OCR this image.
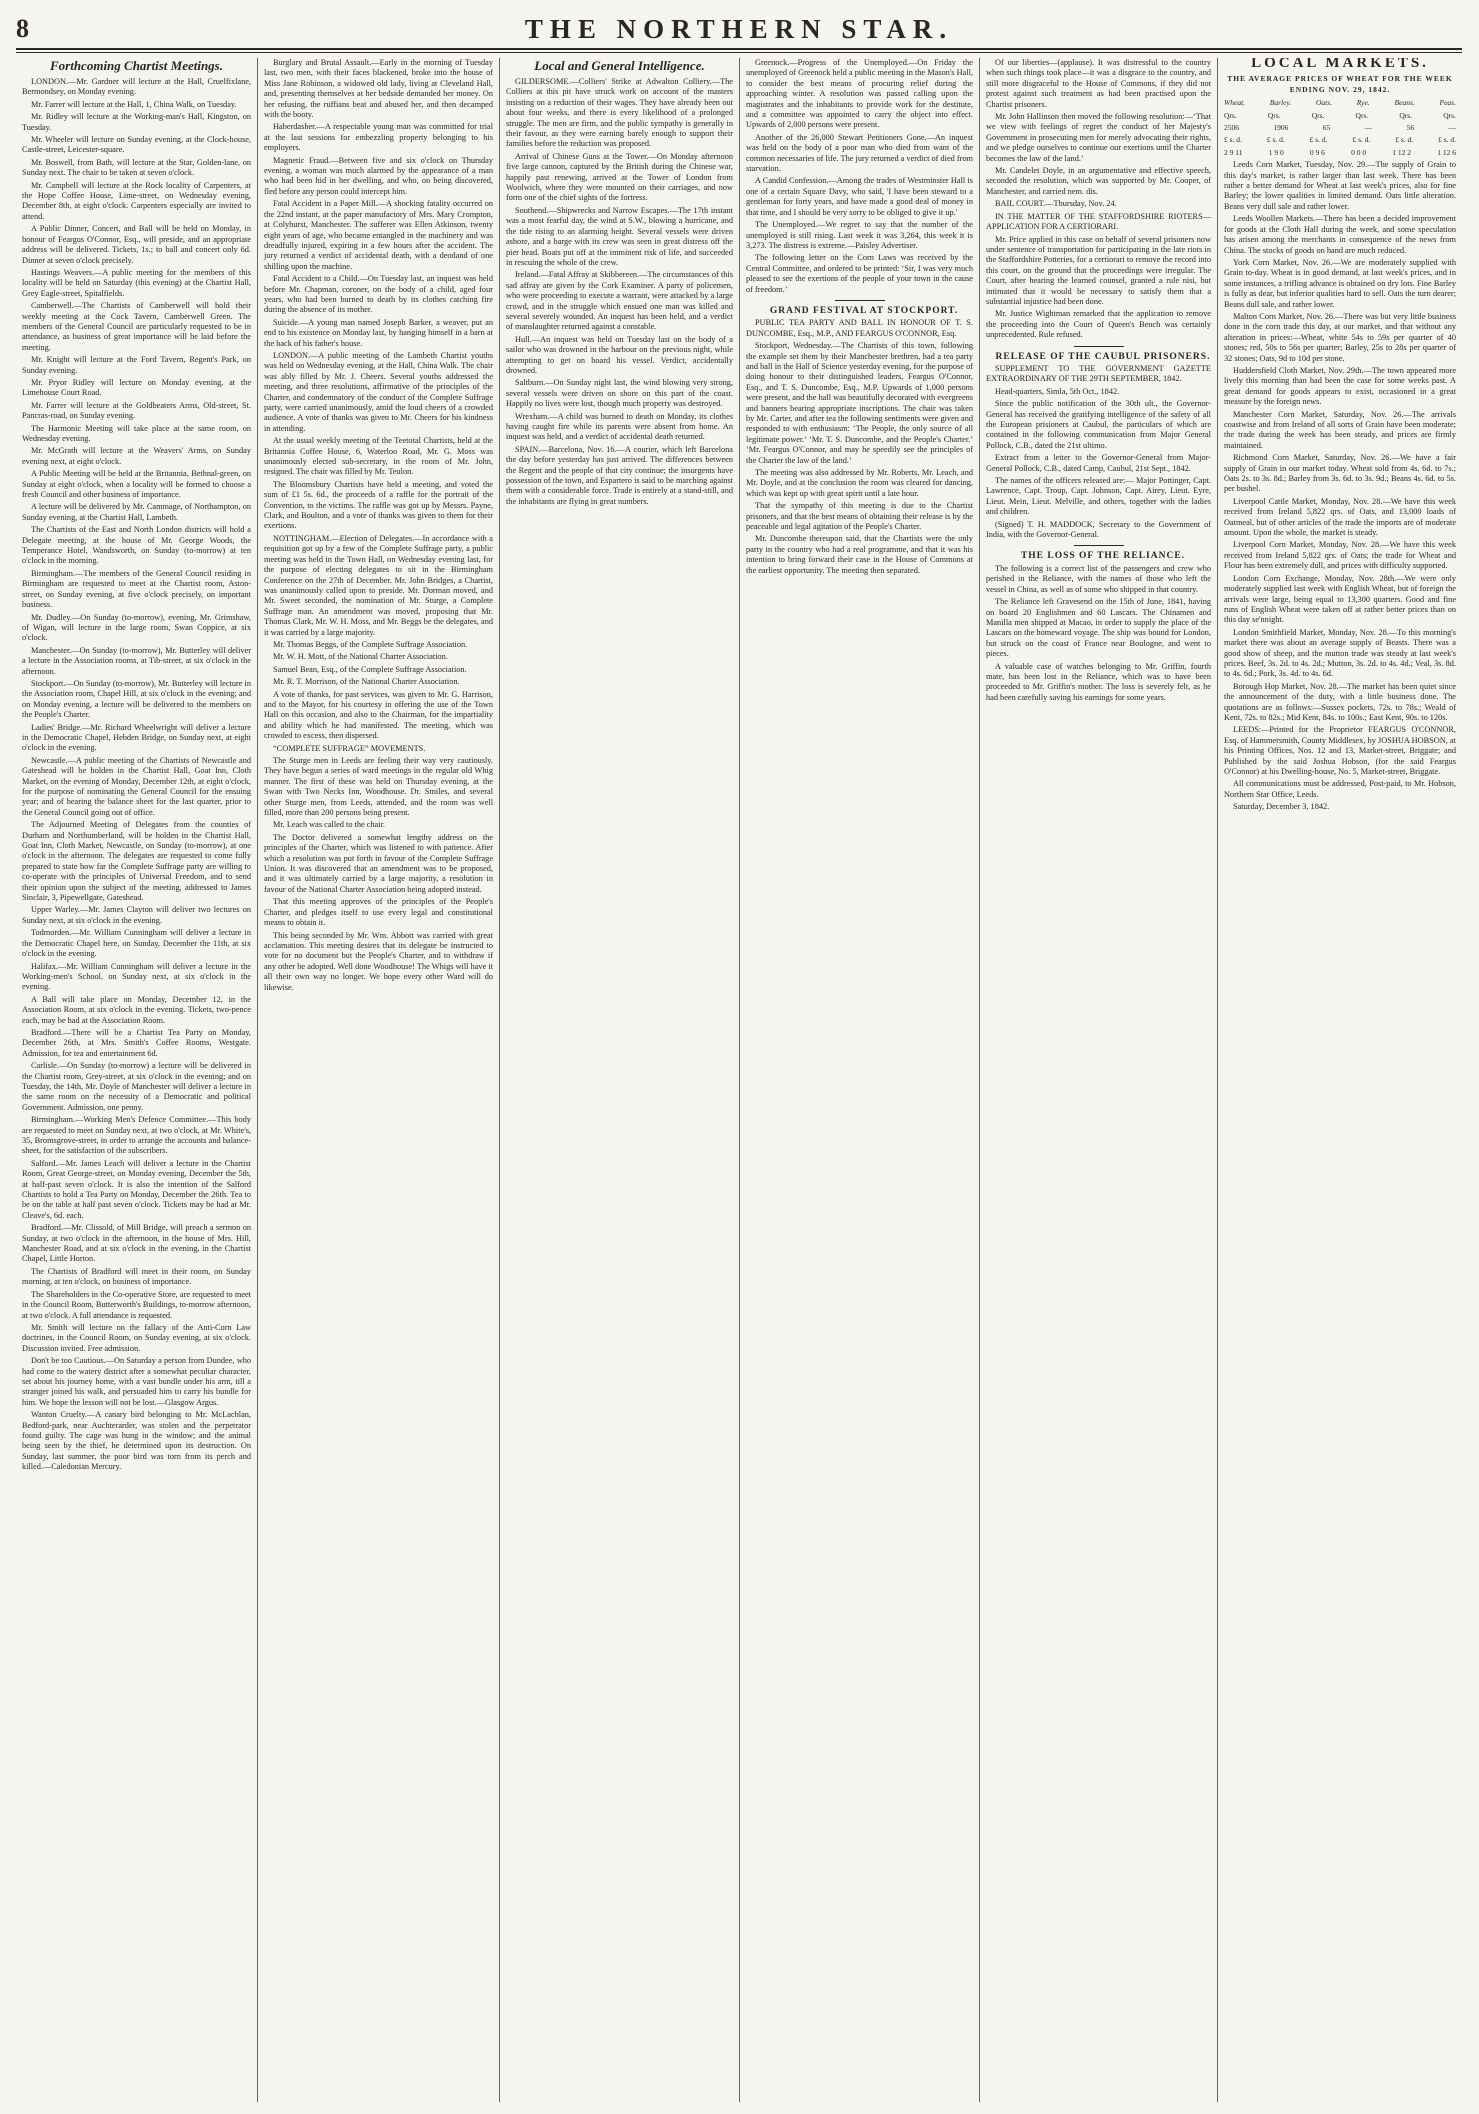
8	THE NORTHERN STAR.
Forthcoming Chartist Meetings.

LONDON.—Mr. Gardner will lecture at the Hall, Cruelfixlane, Bermondsey, on Monday evening.

Mr. Farrer will lecture at the Hall, 1, China Walk, on Tuesday.

Mr. Ridley will lecture at the Working-man's Hall, Kingston, on Tuesday.

Mr. Wheeler will lecture on Sunday evening, at the Clock-house, Castle-street, Leicester-square.

Mr. Boswell, from Bath, will lecture at the Star, Golden-lane, on Sunday next. The chair to be taken at seven o'clock.

Mr. Campbell will lecture at the Rock locality of Carpenters, at the Hope Coffee House, Lime-street, on Wednesday evening, December 8th, at eight o'clock. Carpenters especially are invited to attend.

A Public Dinner, Concert, and Ball will be held on Monday, in honour of Feargus O'Connor, Esq., will preside, and an appropriate address will be delivered. Tickets, 1s.; to ball and concert only 6d. Dinner at seven o'clock precisely.

Hastings Weavers.—A public meeting for the members of this locality will be held on Saturday (this evening) at the Chartist Hall, Grey Eagle-street, Spitalfields.

Camberwell.—The Chartists of Camberwell will hold their weekly meeting at the Cock Tavern, Camberwell Green. The members of the General Council are particularly requested to be in attendance, as business of great importance will be laid before the meeting.

Mr. Knight will lecture at the Ford Tavern, Regent's Park, on Sunday evening.

Mr. Pryor Ridley will lecture on Monday evening, at the Limehouse Court Road.

Mr. Farrer will lecture at the Goldbeaters Arms, Old-street, St. Pancras-road, on Sunday evening.

The Harmonic Meeting will take place at the same room, on Wednesday evening.

Mr. McGrath will lecture at the Weavers' Arms, on Sunday evening next, at eight o'clock.

A Public Meeting will be held at the Britannia, Bethnal-green, on Sunday at eight o'clock, when a locality will be formed to choose a fresh Council and other business of importance.

A lecture will be delivered by Mr. Cammage, of Northampton, on Sunday evening, at the Chartist Hall, Lambeth.

The Chartists of the East and North London districts will hold a Delegate meeting, at the house of Mr. George Woods, the Temperance Hotel, Wandsworth, on Sunday (to-morrow) at ten o'clock in the morning.

Birmingham.—The members of the General Council residing in Birmingham are requested to meet at the Chartist room, Aston-street, on Sunday evening, at five o'clock precisely, on important business.

Mr. Dudley.—On Sunday (to-morrow), evening, Mr. Grimshaw, of Wigan, will lecture in the large room, Swan Coppice, at six o'clock.

Manchester.—On Sunday (to-morrow), Mr. Butterley will deliver a lecture in the Association rooms, at Tib-street, at six o'clock in the afternoon.

Stockport.—On Sunday (to-morrow), Mr. Butterley will lecture in the Association room, Chapel Hill, at six o'clock in the evening; and on Monday evening, a lecture will be delivered to the members on the People's Charter.

Ladies' Bridge.—Mr. Richard Wheelwright will deliver a lecture in the Democratic Chapel, Hebden Bridge, on Sunday next, at eight o'clock in the evening.

Newcastle.—A public meeting of the Chartists of Newcastle and Gateshead will be holden in the Chartist Hall, Goat Inn, Cloth Market, on the evening of Monday, December 12th, at eight o'clock, for the purpose of nominating the General Council for the ensuing year; and of hearing the balance sheet for the last quarter, prior to the General Council going out of office.

The Adjourned Meeting of Delegates from the counties of Durham and Northumberland, will be holden in the Chartist Hall, Goat Inn, Cloth Market, Newcastle, on Sunday (to-morrow), at one o'clock in the afternoon. The delegates are requested to come fully prepared to state how far the Complete Suffrage party are willing to co-operate with the principles of Universal Freedom, and to send their opinion upon the subject of the meeting, addressed to James Sinclair, 3, Pipewellgate, Gateshead.

Upper Warley.—Mr. James Clayton will deliver two lectures on Sunday next, at six o'clock in the evening.

Todmorden.—Mr. William Cunningham will deliver a lecture in the Democratic Chapel here, on Sunday, December the 11th, at six o'clock in the evening.

Halifax.—Mr. William Cunningham will deliver a lecture in the Working-men's School, on Sunday next, at six o'clock in the evening.

A Ball will take place on Monday, December 12, in the Association Room, at six o'clock in the evening. Tickets, two-pence each, may be had at the Association Room.

Bradford.—There will be a Chartist Tea Party on Monday, December 26th, at Mrs. Smith's Coffee Rooms, Westgate. Admission, for tea and entertainment 6d.

Carlisle.—On Sunday (to-morrow) a lecture will be delivered in the Chartist room, Grey-street, at six o'clock in the evening; and on Tuesday, the 14th, Mr. Doyle of Manchester will deliver a lecture in the same room on the necessity of a Democratic and political Government. Admission, one penny.

Birmingham.—Working Men's Defence Committee.—This body are requested to meet on Sunday next, at two o'clock, at Mr. White's, 35, Bromsgrove-street, in order to arrange the accounts and balance-sheet, for the satisfaction of the subscribers.

Salford.—Mr. James Leach will deliver a lecture in the Chartist Room, Great George-street, on Monday evening, December the 5th, at half-past seven o'clock. It is also the intention of the Salford Chartists to hold a Tea Party on Monday, December the 26th. Tea to be on the table at half past seven o'clock. Tickets may be had at Mr. Cleave's, 6d. each.

Bradford.—Mr. Clissold, of Mill Bridge, will preach a sermon on Sunday, at two o'clock in the afternoon, in the house of Mrs. Hill, Manchester Road, and at six o'clock in the evening, in the Chartist Chapel, Little Horton.

The Chartists of Bradford will meet in their room, on Sunday morning, at ten o'clock, on business of importance.

The Shareholders in the Co-operative Store, are requested to meet in the Council Room, Butterworth's Buildings, to-morrow afternoon, at two o'clock. A full attendance is requested.

Mr. Smith will lecture on the fallacy of the Anti-Corn Law doctrines, in the Council Room, on Sunday evening, at six o'clock. Discussion invited. Free admission.

Don't be too Cautious.—On Saturday a person from Dundee, who had come to the watery district after a somewhat peculiar character, set about his journey home, with a vast bundle under his arm, till a stranger joined his walk, and persuaded him to carry his bundle for him. We hope the lesson will not be lost.—Glasgow Argus.

Wanton Cruelty.—A canary bird belonging to Mr. McLachlan, Bedford-park, near Auchterarder, was stolen and the perpetrator found guilty. The cage was hung in the window; and the animal being seen by the thief, he determined upon its destruction. On Sunday, last summer, the poor bird was torn from its perch and killed.—Caledonian Mercury.

Burglary and Brutal Assault.—Early in the morning of Tuesday last, two men, with their faces blackened, broke into the house of Miss Jane Robinson, a widowed old lady, living at Cleveland Hall, and, presenting themselves at her bedside demanded her money. On her refusing, the ruffians beat and abused her, and then decamped with the booty.

Haberdasher.—A respectable young man was committed for trial at the last sessions for embezzling property belonging to his employers.

Magnetic Fraud.—Between five and six o'clock on Thursday evening, a woman was much alarmed by the appearance of a man who had been hid in her dwelling, and who, on being discovered, fled before any person could intercept him.

Fatal Accident in a Paper Mill.—A shocking fatality occurred on the 22nd instant, at the paper manufactory of Mrs. Mary Crompton, at Colyhurst, Manchester. The sufferer was Ellen Atkinson, twenty eight years of age, who became entangled in the machinery and was dreadfully injured, expiring in a few hours after the accident. The jury returned a verdict of accidental death, with a deodand of one shilling upon the machine.

Fatal Accident to a Child.—On Tuesday last, an inquest was held before Mr. Chapman, coroner, on the body of a child, aged four years, who had been burned to death by its clothes catching fire during the absence of its mother.

Suicide.—A young man named Joseph Barker, a weaver, put an end to his existence on Monday last, by hanging himself in a barn at the back of his father's house.

LONDON.—A public meeting of the Lambeth Chartist youths was held on Wednesday evening, at the Hall, China Walk. The chair was ably filled by Mr. J. Cheers. Several youths addressed the meeting, and three resolutions, affirmative of the principles of the Charter, and condemnatory of the conduct of the Complete Suffrage party, were carried unanimously, amid the loud cheers of a crowded audience. A vote of thanks was given to Mr. Cheers for his kindness in attending.

At the usual weekly meeting of the Teetotal Chartists, held at the Britannia Coffee House, 6, Waterloo Road, Mr. G. Moss was unanimously elected sub-secretary, in the room of Mr. John, resigned. The chair was filled by Mr. Teulon.

The Bloomsbury Chartists have held a meeting, and voted the sum of £1 5s. 6d., the proceeds of a raffle for the portrait of the Convention, to the victims. The raffle was got up by Messrs. Payne, Clark, and Boulton, and a vote of thanks was given to them for their exertions.

NOTTINGHAM.—Election of Delegates.—In accordance with a requisition got up by a few of the Complete Suffrage party, a public meeting was held in the Town Hall, on Wednesday evening last, for the purpose of electing delegates to sit in the Birmingham Conference on the 27th of December. Mr. John Bridges, a Chartist, was unanimously called upon to preside. Mr. Dorman moved, and Mr. Sweet seconded, the nomination of Mr. Sturge, a Complete Suffrage man. An amendment was moved, proposing that Mr. Thomas Clark, Mr. W. H. Moss, and Mr. Beggs be the delegates, and it was carried by a large majority.

Mr. Thomas Beggs, of the Complete Suffrage Association.

Mr. W. H. Mott, of the National Charter Association.

Samuel Bean, Esq., of the Complete Suffrage Association.

Mr. R. T. Morrison, of the National Charter Association.

A vote of thanks, for past services, was given to Mr. G. Harrison, and to the Mayor, for his courtesy in offering the use of the Town Hall on this occasion, and also to the Chairman, for the impartiality and ability which he had manifested. The meeting, which was crowded to excess, then dispersed.

“COMPLETE SUFFRAGE” MOVEMENTS.

The Sturge men in Leeds are feeling their way very cautiously. They have begun a series of ward meetings in the regular old Whig manner. The first of these was held on Thursday evening, at the Swan with Two Necks Inn, Woodhouse. Dr. Smiles, and several other Sturge men, from Leeds, attended, and the room was well filled, more than 200 persons being present.

Mr. Leach was called to the chair.

The Doctor delivered a somewhat lengthy address on the principles of the Charter, which was listened to with patience. After which a resolution was put forth in favour of the Complete Suffrage Union. It was discovered that an amendment was to be proposed, and it was ultimately carried by a large majority, a resolution in favour of the National Charter Association being adopted instead.

That this meeting approves of the principles of the People's Charter, and pledges itself to use every legal and constitutional means to obtain it.

This being seconded by Mr. Wm. Abbott was carried with great acclamation. This meeting desires that its delegate be instructed to vote for no document but the People's Charter, and to withdraw if any other be adopted. Well done Woodhouse! The Whigs will have it all their own way no longer. We hope every other Ward will do likewise.

Local and General Intelligence.

GILDERSOME.—Colliers' Strike at Adwalton Colliery.—The Colliers at this pit have struck work on account of the masters insisting on a reduction of their wages. They have already been out about four weeks, and there is every likelihood of a prolonged struggle. The men are firm, and the public sympathy is generally in their favour, as they were earning barely enough to support their families before the reduction was proposed.

Arrival of Chinese Guns at the Tower.—On Monday afternoon five large cannon, captured by the British during the Chinese war, happily past renewing, arrived at the Tower of London from Woolwich, where they were mounted on their carriages, and now form one of the chief sights of the fortress.

Southend.—Shipwrecks and Narrow Escapes.—The 17th instant was a most fearful day, the wind at S.W., blowing a hurricane, and the tide rising to an alarming height. Several vessels were driven ashore, and a barge with its crew was seen in great distress off the pier head. Boats put off at the imminent risk of life, and succeeded in rescuing the whole of the crew.

Ireland.—Fatal Affray at Skibbereen.—The circumstances of this sad affray are given by the Cork Examiner. A party of policemen, who were proceeding to execute a warrant, were attacked by a large crowd, and in the struggle which ensued one man was killed and several severely wounded. An inquest has been held, and a verdict of manslaughter returned against a constable.

Hull.—An inquest was held on Tuesday last on the body of a sailor who was drowned in the harbour on the previous night, while attempting to get on board his vessel. Verdict, accidentally drowned.

Saltburn.—On Sunday night last, the wind blowing very strong, several vessels were driven on shore on this part of the coast. Happily no lives were lost, though much property was destroyed.

Wrexham.—A child was burned to death on Monday, its clothes having caught fire while its parents were absent from home. An inquest was held, and a verdict of accidental death returned.

SPAIN.—Barcelona, Nov. 16.—A courier, which left Barcelona the day before yesterday has just arrived. The differences between the Regent and the people of that city continue; the insurgents have possession of the town, and Espartero is said to be marching against them with a considerable force. Trade is entirely at a stand-still, and the inhabitants are flying in great numbers.

Greenock.—Progress of the Unemployed.—On Friday the unemployed of Greenock held a public meeting in the Mason's Hall, to consider the best means of procuring relief during the approaching winter. A resolution was passed calling upon the magistrates and the inhabitants to provide work for the destitute, and a committee was appointed to carry the object into effect. Upwards of 2,000 persons were present.

Another of the 26,000 Stewart Petitioners Gone.—An inquest was held on the body of a poor man who died from want of the common necessaries of life. The jury returned a verdict of died from starvation.

A Candid Confession.—Among the trades of Westminster Hall is one of a certain Square Davy, who said, 'I have been steward to a gentleman for forty years, and have made a good deal of money in that time, and I should be very sorry to be obliged to give it up.'

The Unemployed.—We regret to say that the number of the unemployed is still rising. Last week it was 3,264, this week it is 3,273. The distress is extreme.—Paisley Advertiser.

The following letter on the Corn Laws was received by the Central Committee, and ordered to be printed: ‘Sir, I was very much pleased to see the exertions of the people of your town in the cause of freedom.’

GRAND FESTIVAL AT STOCKPORT.

PUBLIC TEA PARTY AND BALL IN HONOUR OF T. S. DUNCOMBE, Esq., M.P., AND FEARGUS O'CONNOR, Esq.

Stockport, Wednesday.—The Chartists of this town, following the example set them by their Manchester brethren, had a tea party and ball in the Hall of Science yesterday evening, for the purpose of doing honour to their distinguished leaders, Feargus O'Connor, Esq., and T. S. Duncombe, Esq., M.P. Upwards of 1,000 persons were present, and the hall was beautifully decorated with evergreens and banners bearing appropriate inscriptions. The chair was taken by Mr. Carter, and after tea the following sentiments were given and responded to with enthusiasm: ‘The People, the only source of all legitimate power.’ ‘Mr. T. S. Duncombe, and the People's Charter.’ ‘Mr. Feargus O'Connor, and may he speedily see the principles of the Charter the law of the land.’

The meeting was also addressed by Mr. Roberts, Mr. Leach, and Mr. Doyle, and at the conclusion the room was cleared for dancing, which was kept up with great spirit until a late hour.

That the sympathy of this meeting is due to the Chartist prisoners, and that the best means of obtaining their release is by the peaceable and legal agitation of the People's Charter.

Mr. Duncombe thereupon said, that the Chartists were the only party in the country who had a real programme, and that it was his intention to bring forward their case in the House of Commons at the earliest opportunity. The meeting then separated.

Of our liberties—(applause). It was distressful to the country when such things took place—it was a disgrace to the country, and still more disgraceful to the House of Commons, if they did not protest against such treatment as had been practised upon the Chartist prisoners.

Mr. John Hallinson then moved the following resolution:—‘That we view with feelings of regret the conduct of her Majesty's Government in prosecuting men for merely advocating their rights, and we pledge ourselves to continue our exertions until the Charter becomes the law of the land.’

Mr. Candelet Doyle, in an argumentative and effective speech, seconded the resolution, which was supported by Mr. Cooper, of Manchester, and carried nem. dis.

BAIL COURT.—Thursday, Nov. 24.

IN THE MATTER OF THE STAFFORDSHIRE RIOTERS—APPLICATION FOR A CERTIORARI.

Mr. Price applied in this case on behalf of several prisoners now under sentence of transportation for participating in the late riots in the Staffordshire Potteries, for a certiorari to remove the record into this court, on the ground that the proceedings were irregular. The Court, after hearing the learned counsel, granted a rule nisi, but intimated that it would be necessary to satisfy them that a substantial injustice had been done.

Mr. Justice Wightman remarked that the application to remove the proceeding into the Court of Queen's Bench was certainly unprecedented. Rule refused.

RELEASE OF THE CAUBUL PRISONERS.

SUPPLEMENT TO THE GOVERNMENT GAZETTE EXTRAORDINARY OF THE 29TH SEPTEMBER, 1842.

Head-quarters, Simla, 5th Oct., 1842.

Since the public notification of the 30th ult., the Governor-General has received the gratifying intelligence of the safety of all the European prisioners at Caubul, the particulars of which are contained in the following communication from Major General Pollock, C.B., dated the 21st ultimo.

Extract from a letter to the Governor-General from Major-General Pollock, C.B., dated Camp, Caubul, 21st Sept., 1842.

The names of the officers released are:— Major Pottinger, Capt. Lawrence, Capt. Troup, Capt. Johnson, Capt. Airey, Lieut. Eyre, Lieut. Mein, Lieut. Melville, and others, together with the ladies and children.

(Signed) T. H. MADDOCK, Secretary to the Government of India, with the Governor-General.

THE LOSS OF THE RELIANCE.

The following is a correct list of the passengers and crew who perished in the Reliance, with the names of those who left the vessel in China, as well as of some who shipped in that country.

The Reliance left Gravesend on the 15th of June, 1841, having on board 20 Englishmen and 60 Lascars. The Chinamen and Manilla men shipped at Macao, in order to supply the place of the Lascars on the homeward voyage. The ship was bound for London, but struck on the coast of France near Boulogne, and went to pieces.

A valuable case of watches belonging to Mr. Griffin, fourth mate, has been lost in the Reliance, which was to have been proceeded to Mr. Griffin's mother. The loss is severely felt, as he had been carefully saving his earnings for some years.

LOCAL MARKETS.
THE AVERAGE PRICES OF WHEAT FOR THE WEEK ENDING NOV. 29, 1842.
Wheat.	Barley.	Oats.	Rye.	Beans.	Peas.
Qrs.	Qrs.	Qrs.	Qrs.	Qrs.	Qrs.
2506	1906	65	—	56	—
£ s. d.	£ s. d.	£ s. d.	£ s. d.	£ s. d.	£ s. d.
2 9 11	1 9 0	0 9 6	0 0 0	1 12 2	1 12 6

Leeds Corn Market, Tuesday, Nov. 29.—The supply of Grain to this day's market, is rather larger than last week. There has been rather a better demand for Wheat at last week's prices, also for fine Barley; the lower qualities in limited demand. Oats little alteration. Beans very dull sale and rather lower.

Leeds Woollen Markets.—There has been a decided improvement for goods at the Cloth Hall during the week, and some speculation has arisen among the merchants in consequence of the news from China. The stocks of goods on hand are much reduced.

York Corn Market, Nov. 26.—We are moderately supplied with Grain to-day. Wheat is in good demand, at last week's prices, and in some instances, a trifling advance is obtained on dry lots. Fine Barley is fully as dear, but inferior qualities hard to sell. Oats the turn dearer; Beans dull sale, and rather lower.

Malton Corn Market, Nov. 26.—There was but very little business done in the corn trade this day, at our market, and that without any alteration in prices:—Wheat, white 54s to 59s per quarter of 40 stones; red, 50s to 56s per quarter; Barley, 25s to 28s per quarter of 32 stones; Oats, 9d to 10d per stone.

Huddersfield Cloth Market, Nov. 29th.—The town appeared more lively this morning than had been the case for some weeks past. A great demand for goods appears to exist, occasioned in a great measure by the foreign news.

Manchester Corn Market, Saturday, Nov. 26.—The arrivals coastwise and from Ireland of all sorts of Grain have been moderate; the trade during the week has been steady, and prices are firmly maintained.

Richmond Corn Market, Saturday, Nov. 26.—We have a fair supply of Grain in our market today. Wheat sold from 4s. 6d. to 7s.; Oats 2s. to 3s. 8d.; Barley from 3s. 6d. to 3s. 9d.; Beans 4s. 6d. to 5s. per bushel.

Liverpool Cattle Market, Monday, Nov. 28.—We have this week received from Ireland 5,822 qrs. of Oats, and 13,000 loads of Oatmeal, but of other articles of the trade the imports are of moderate amount. Upon the whole, the market is steady.

Liverpool Corn Market, Monday, Nov. 28.—We have this week received from Ireland 5,822 qrs. of Oats; the trade for Wheat and Flour has been extremely dull, and prices with difficulty supported.

London Corn Exchange, Monday, Nov. 28th.—We were only moderately supplied last week with English Wheat, but of foreign the arrivals were large, being equal to 13,300 quarters. Good and fine runs of English Wheat were taken off at rather better prices than on this day se'nnight.

London Smithfield Market, Monday, Nov. 28.—To this morning's market there was about an average supply of Beasts. There was a good show of sheep, and the mutton trade was steady at last week's prices. Beef, 3s. 2d. to 4s. 2d.; Mutton, 3s. 2d. to 4s. 4d.; Veal, 3s. 8d. to 4s. 6d.; Pork, 3s. 4d. to 4s. 6d.

Borough Hop Market, Nov. 28.—The market has been quiet since the announcement of the duty, with a little business done. The quotations are as follows:—Sussex pockets, 72s. to 78s.; Weald of Kent, 72s. to 82s.; Mid Kent, 84s. to 100s.; East Kent, 90s. to 120s.

LEEDS:—Printed for the Proprietor FEARGUS O'CONNOR, Esq. of Hammersmith, County Middlesex, by JOSHUA HOBSON, at his Printing Offices, Nos. 12 and 13, Market-street, Briggate; and Published by the said Joshua Hobson, (for the said Feargus O'Connor) at his Dwelling-house, No. 5, Market-street, Briggate.

All communications must be addressed, Post-paid, to Mr. Hobson, Northern Star Office, Leeds.

Saturday, December 3, 1842.
